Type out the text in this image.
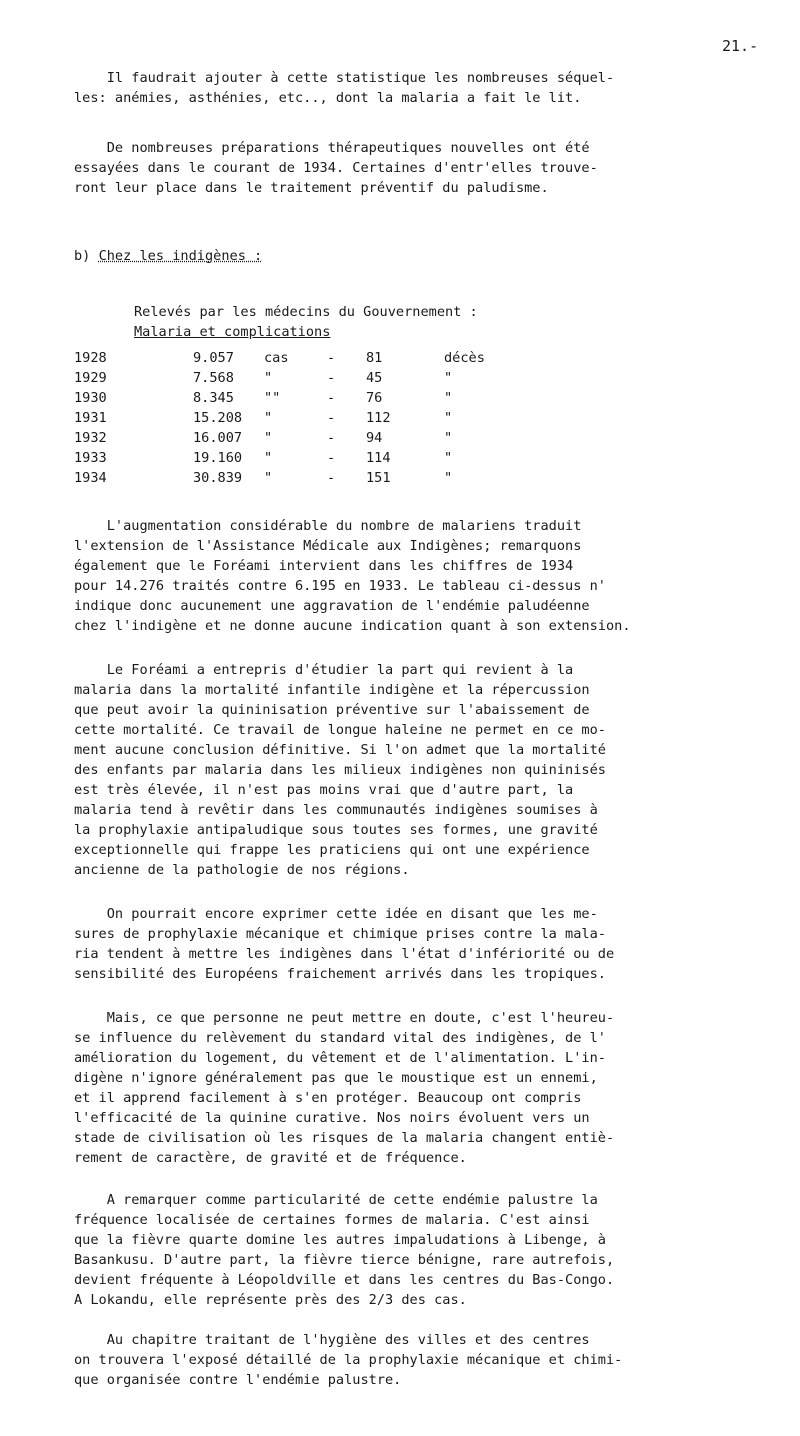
21.-
Il faudrait ajouter à cette statistique les nombreuses séquel-
les: anémies, asthénies, etc.., dont la malaria a fait le lit.
De nombreuses préparations thérapeutiques nouvelles ont été
essayées dans le courant de 1934. Certaines d'entr'elles trouve-
ront leur place dans le traitement préventif du paludisme.
b) Chez les indigènes :
Relevés par les médecins du Gouvernement :
Malaria et complications
1928	9.057 cas	- 81	décès
1929	7.568 "	- 45	"
1930	8.345 ""	- 76	"
1931	15.208 "	- 112	"
1932	16.007 "	- 94	"
1933	19.160 "	- 114	"
1934	30.839 "	- 151	"
L'augmentation considérable du nombre de malariens traduit
l'extension de l'Assistance Médicale aux Indigènes; remarquons
également que le Foréami intervient dans les chiffres de 1934
pour 14.276 traités contre 6.195 en 1933. Le tableau ci-dessus n'
indique donc aucunement une aggravation de l'endémie paludéenne
chez l'indigène et ne donne aucune indication quant à son extension.
Le Foréami a entrepris d'étudier la part qui revient à la
malaria dans la mortalité infantile indigène et la répercussion
que peut avoir la quininisation préventive sur l'abaissement de
cette mortalité. Ce travail de longue haleine ne permet en ce mo-
ment aucune conclusion définitive. Si l'on admet que la mortalité
des enfants par malaria dans les milieux indigènes non quininisés
est très élevée, il n'est pas moins vrai que d'autre part, la
malaria tend à revêtir dans les communautés indigènes soumises à
la prophylaxie antipaludique sous toutes ses formes, une gravité
exceptionnelle qui frappe les praticiens qui ont une expérience
ancienne de la pathologie de nos régions.
On pourrait encore exprimer cette idée en disant que les me-
sures de prophylaxie mécanique et chimique prises contre la mala-
ria tendent à mettre les indigènes dans l'état d'infériorité ou de
sensibilité des Européens fraichement arrivés dans les tropiques.
Mais, ce que personne ne peut mettre en doute, c'est l'heureu-
se influence du relèvement du standard vital des indigènes, de l'
amélioration du logement, du vêtement et de l'alimentation. L'in-
digène n'ignore généralement pas que le moustique est un ennemi,
et il apprend facilement à s'en protéger. Beaucoup ont compris
l'efficacité de la quinine curative. Nos noirs évoluent vers un
stade de civilisation où les risques de la malaria changent entiè-
rement de caractère, de gravité et de fréquence.
A remarquer comme particularité de cette endémie palustre la
fréquence localisée de certaines formes de malaria. C'est ainsi
que la fièvre quarte domine les autres impaludations à Libenge, à
Basankusu. D'autre part, la fièvre tierce bénigne, rare autrefois,
devient fréquente à Léopoldville et dans les centres du Bas-Congo.
A Lokandu, elle représente près des 2/3 des cas.
Au chapitre traitant de l'hygiène des villes et des centres
on trouvera l'exposé détaillé de la prophylaxie mécanique et chimi-
que organisée contre l'endémie palustre.
